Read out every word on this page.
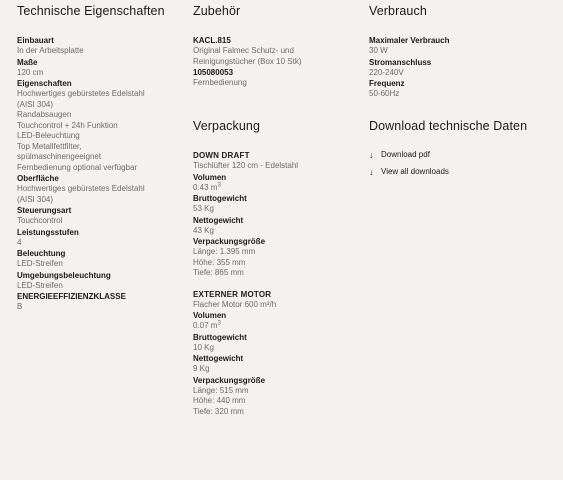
Technische Eigenschaften
Einbauart
In der Arbeitsplatte
Maße
120 cm
Eigenschaften
Hochwertiges gebürstetes Edelstahl
(AISI 304)
Randabsaugen
Touchcontrol + 24h Funktion
LED-Beleuchtung
Top Metallfettfilter,
spülmaschinengeeignet
Fernbedienung optional verfügbar
Oberfläche
Hochwertiges gebürstetes Edelstahl
(AISI 304)
Steuerungsart
Touchcontrol
Leistungsstufen
4
Beleuchtung
LED-Streifen
Umgebungsbeleuchtung
LED-Streifen
ENERGIEEFFIZIENZKLASSE
B
Zubehör
KACL.815
Original Falmec Schutz- und
Reinigungstücher (Box 10 Stk)
105080053
Fernbedienung
Verpackung
DOWN DRAFT
Tischlüfter 120 cm - Edelstahl
Volumen
0.43 $m^3$
Bruttogewicht
53 Kg
Nettogewicht
43 Kg
Verpackungsgröße
Länge: 1.395 mm
Höhe: 355 mm
Tiefe: 865 mm
EXTERNER MOTOR
Flacher Motor 600 m³/h
Volumen
0.07 $m^3$
Bruttogewicht
10 Kg
Nettogewicht
9 Kg
Verpackungsgröße
Länge: 515 mm
Höhe: 440 mm
Tiefe: 320 mm
Verbrauch
Maximaler Verbrauch
30 W
Stromanschluss
220-240V
Frequenz
50-60Hz
Download technische Daten
↓ Download pdf
↓ View all downloads
